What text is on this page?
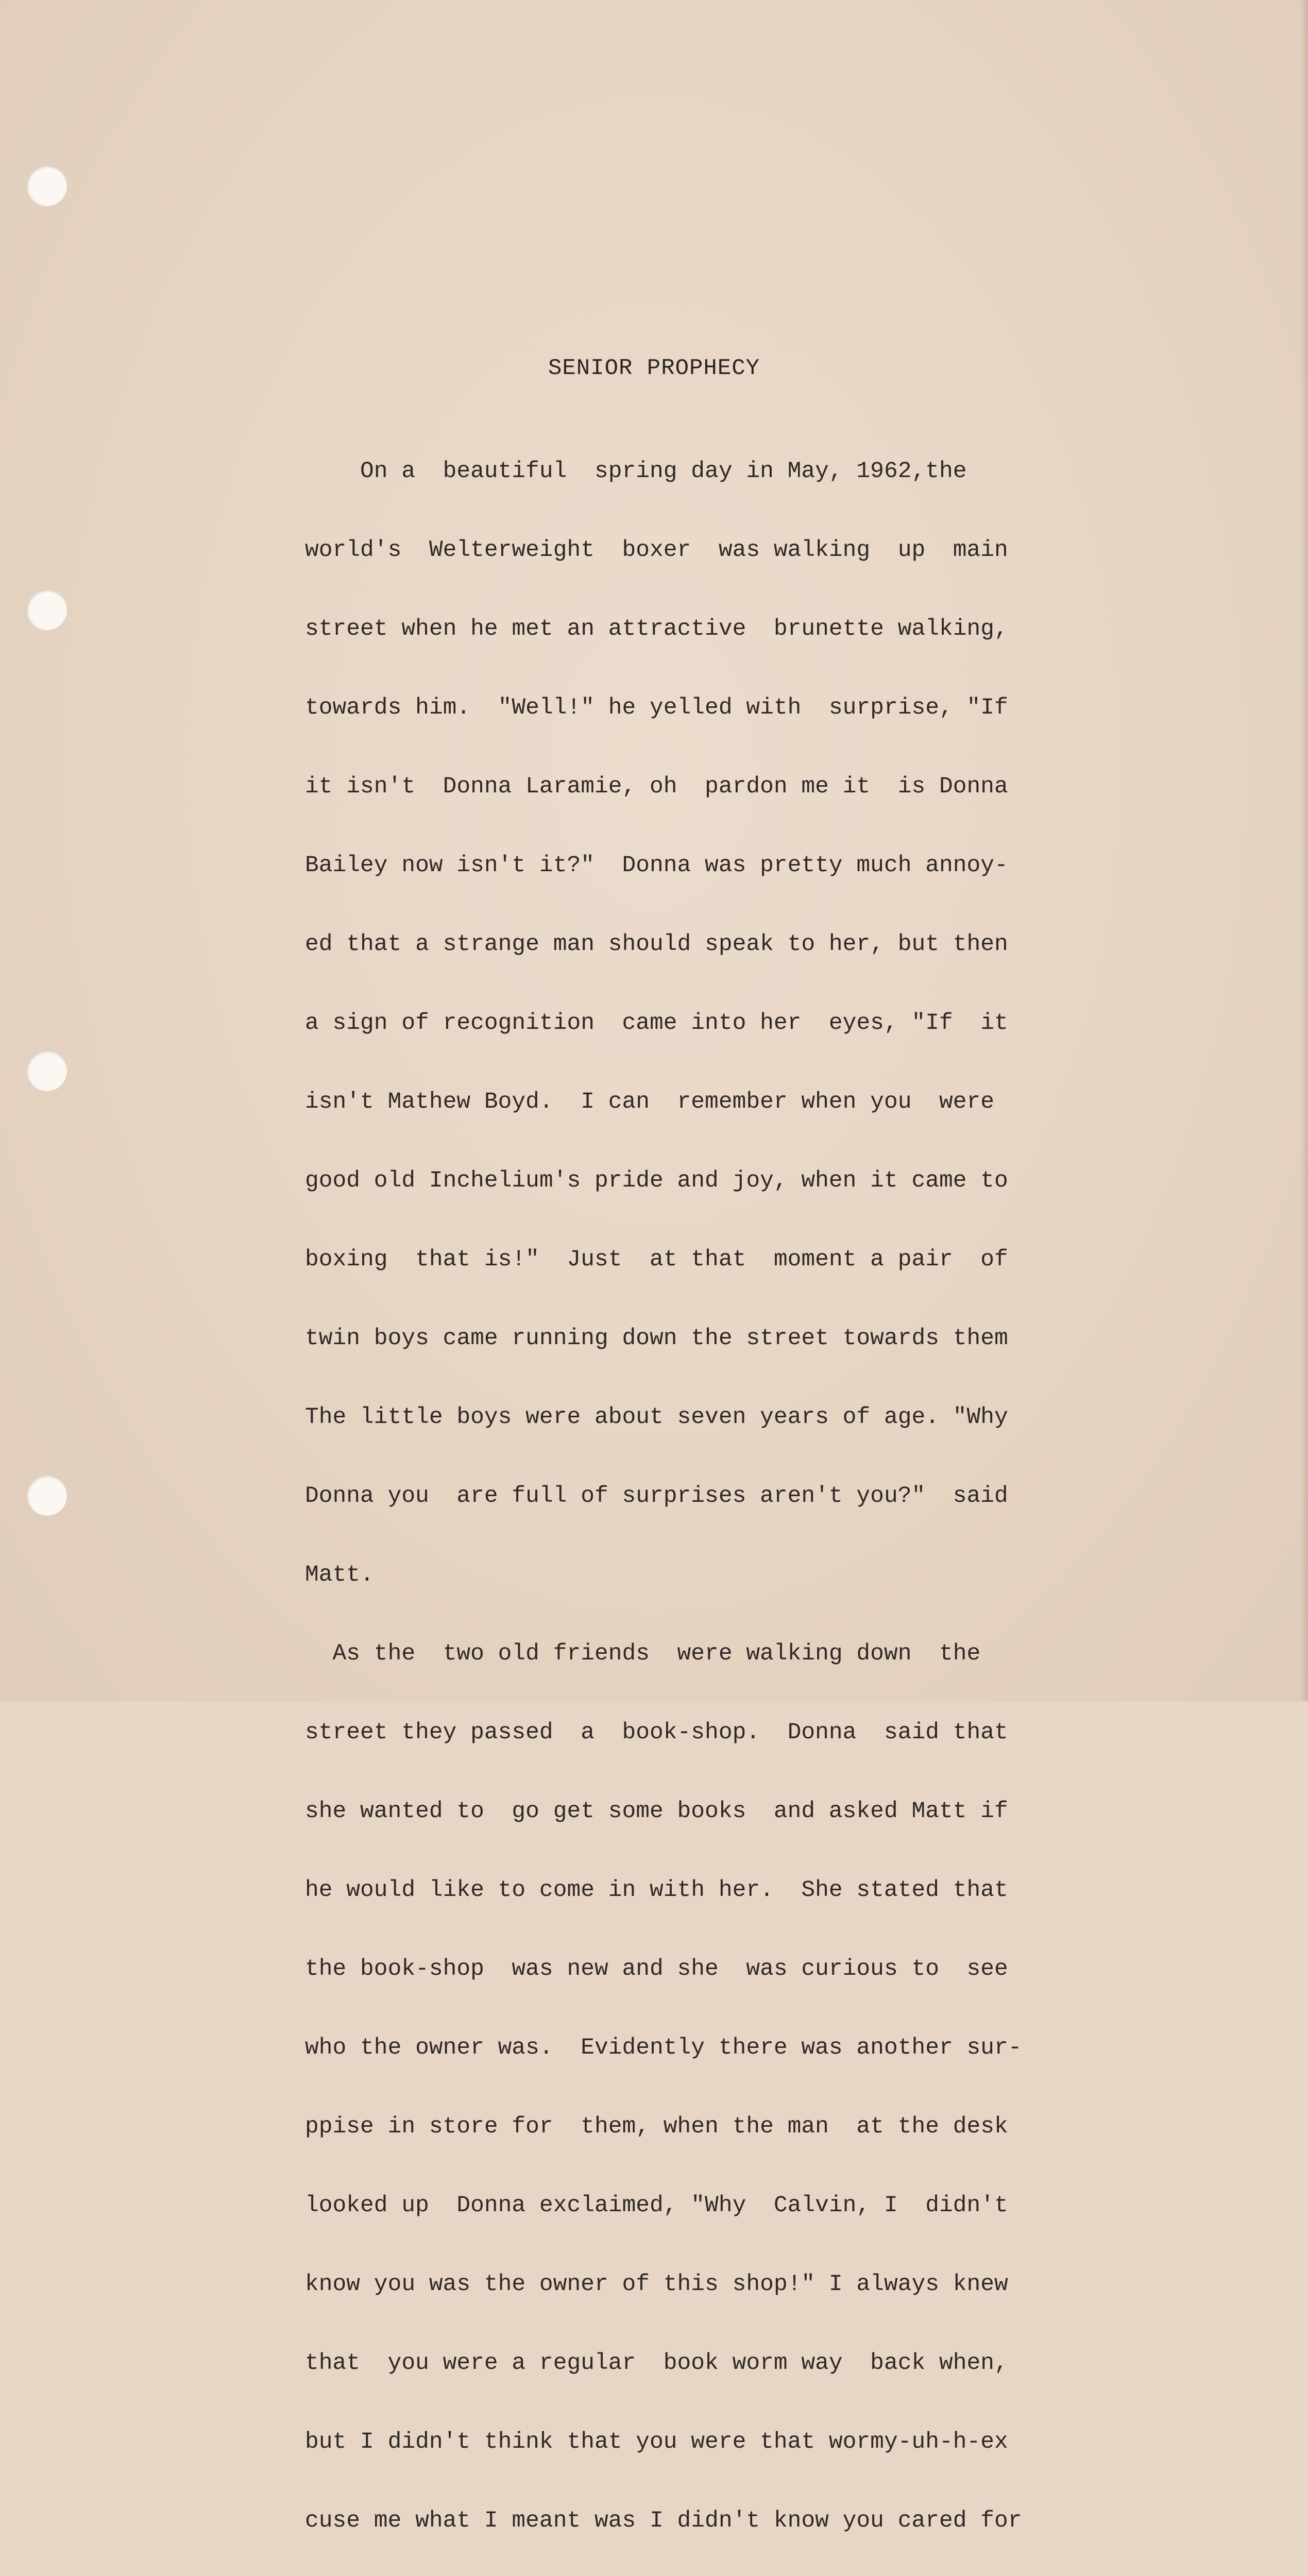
SENIOR PROPHECY

On a  beautiful  spring day in May, 1962,the

world's  Welterweight  boxer  was walking  up  main

street when he met an attractive  brunette walking,

towards him.  "Well!" he yelled with  surprise, "If

it isn't  Donna Laramie, oh  pardon me it  is Donna

Bailey now isn't it?"  Donna was pretty much annoy-

ed that a strange man should speak to her, but then

a sign of recognition  came into her  eyes, "If  it

isn't Mathew Boyd.  I can  remember when you  were

good old Inchelium's pride and joy, when it came to

boxing  that is!"  Just  at that  moment a pair  of

twin boys came running down the street towards them

The little boys were about seven years of age. "Why

Donna you  are full of surprises aren't you?"  said

Matt.

As the  two old friends  were walking down  the

street they passed  a  book-shop.  Donna  said that

she wanted to  go get some books  and asked Matt if

he would like to come in with her.  She stated that

the book-shop  was new and she  was curious to  see

who the owner was.  Evidently there was another sur-

ppise in store for  them, when the man  at the desk

looked up  Donna exclaimed, "Why  Calvin, I  didn't

know you was the owner of this shop!" I always knew

that  you were a regular  book worm way  back when,

but I didn't think that you were that wormy-uh-h-ex

cuse me what I meant was I didn't know you cared for
